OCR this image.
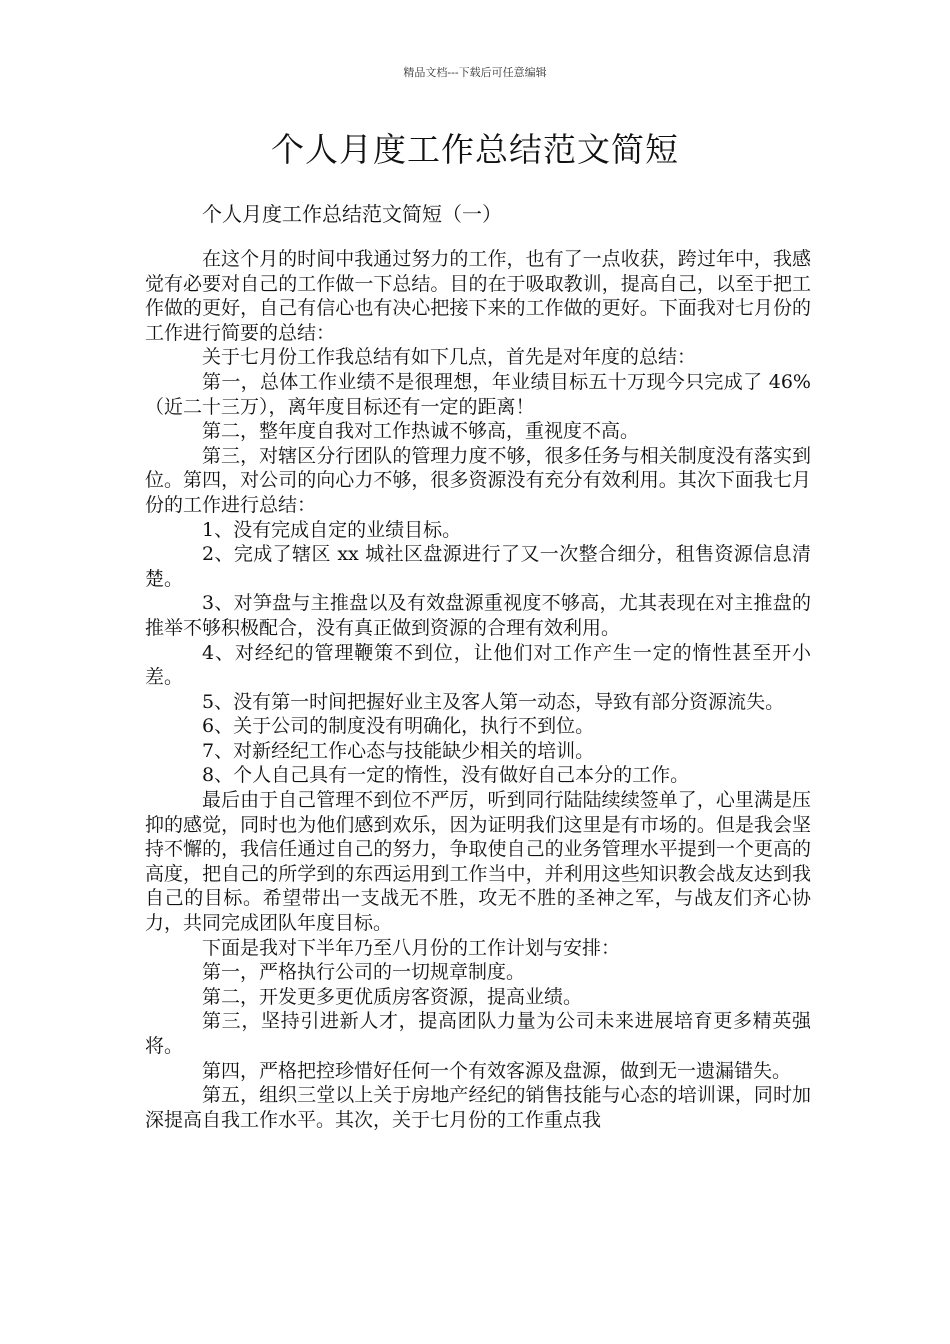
精品文档---下载后可任意编辑
个人月度工作总结范文简短
个人月度工作总结范文简短（一）

在这个月的时间中我通过努力的工作，也有了一点收获，跨过年中，我感觉有必要对自己的工作做一下总结。目的在于吸取教训，提高自己，以至于把工作做的更好，自己有信心也有决心把接下来的工作做的更好。下面我对七月份的工作进行简要的总结：

关于七月份工作我总结有如下几点，首先是对年度的总结：

第一，总体工作业绩不是很理想，年业绩目标五十万现今只完成了 46%（近二十三万），离年度目标还有一定的距离！

第二，整年度自我对工作热诚不够高，重视度不高。

第三，对辖区分行团队的管理力度不够，很多任务与相关制度没有落实到位。第四，对公司的向心力不够，很多资源没有充分有效利用。其次下面我七月份的工作进行总结：

1、没有完成自定的业绩目标。

2、完成了辖区 xx 城社区盘源进行了又一次整合细分，租售资源信息清楚。

3、对笋盘与主推盘以及有效盘源重视度不够高，尤其表现在对主推盘的推举不够积极配合，没有真正做到资源的合理有效利用。

4、对经纪的管理鞭策不到位，让他们对工作产生一定的惰性甚至开小差。

5、没有第一时间把握好业主及客人第一动态，导致有部分资源流失。

6、关于公司的制度没有明确化，执行不到位。

7、对新经纪工作心态与技能缺少相关的培训。

8、个人自己具有一定的惰性，没有做好自己本分的工作。

最后由于自己管理不到位不严厉，听到同行陆陆续续签单了，心里满是压抑的感觉，同时也为他们感到欢乐，因为证明我们这里是有市场的。但是我会坚持不懈的，我信任通过自己的努力，争取使自己的业务管理水平提到一个更高的高度，把自己的所学到的东西运用到工作当中，并利用这些知识教会战友达到我自己的目标。希望带出一支战无不胜，攻无不胜的圣神之军，与战友们齐心协力，共同完成团队年度目标。

下面是我对下半年乃至八月份的工作计划与安排：

第一，严格执行公司的一切规章制度。

第二，开发更多更优质房客资源，提高业绩。

第三，坚持引进新人才，提高团队力量为公司未来进展培育更多精英强将。

第四，严格把控珍惜好任何一个有效客源及盘源，做到无一遗漏错失。

第五，组织三堂以上关于房地产经纪的销售技能与心态的培训课，同时加深提高自我工作水平。其次，关于七月份的工作重点我
